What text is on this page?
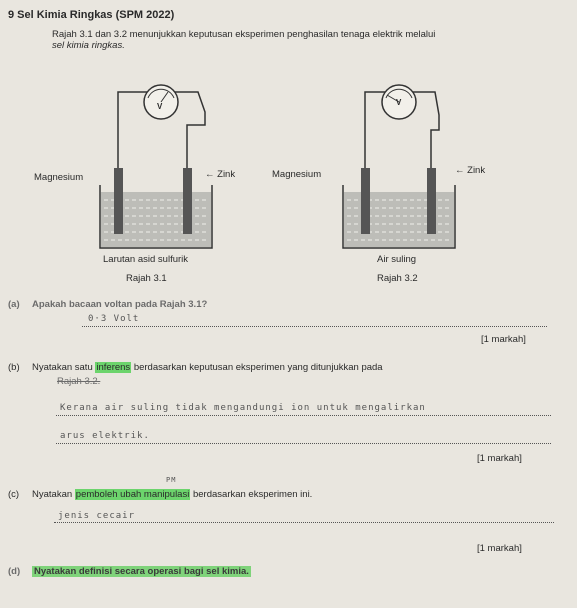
9 Sel Kimia Ringkas (SPM 2022)
Rajah 3.1 dan 3.2 menunjukkan keputusan eksperimen penghasilan tenaga elektrik melalui
sel kimia ringkas.
V
Magnesium	← Zink
Larutan asid sulfurik
Rajah 3.1
V
Magnesium	← Zink
Air suling
Rajah 3.2
(a) Apakah bacaan voltan pada Rajah 3.1?
0·3 Volt
[1 markah]
(b) Nyatakan satu inferens berdasarkan keputusan eksperimen yang ditunjukkan pada
Rajah 3.2.
Kerana air suling tidak mengandungi ion untuk mengalirkan
arus elektrik.
[1 markah]
PM
(c) Nyatakan pemboleh ubah manipulasi berdasarkan eksperimen ini.
jenis cecair
[1 markah]
(d) Nyatakan definisi secara operasi bagi sel kimia.
